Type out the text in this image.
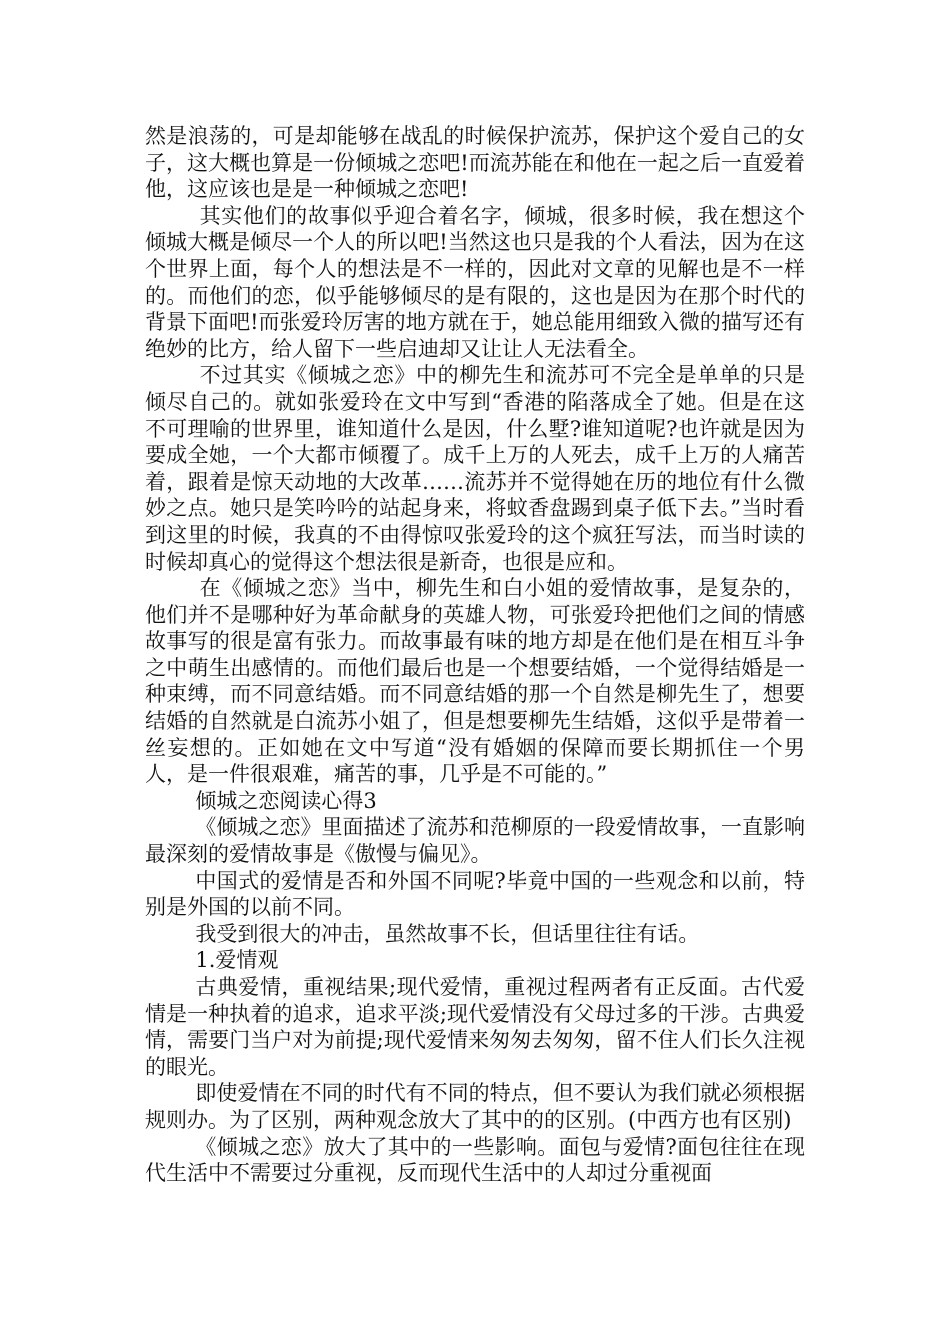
然是浪荡的，可是却能够在战乱的时候保护流苏，保护这个爱自己的女子，这大概也算是一份倾城之恋吧!而流苏能在和他在一起之后一直爱着他，这应该也是是一种倾城之恋吧!

其实他们的故事似乎迎合着名字，倾城，很多时候，我在想这个倾城大概是倾尽一个人的所以吧!当然这也只是我的个人看法，因为在这个世界上面，每个人的想法是不一样的，因此对文章的见解也是不一样的。而他们的恋，似乎能够倾尽的是有限的，这也是因为在那个时代的背景下面吧!而张爱玲厉害的地方就在于，她总能用细致入微的描写还有绝妙的比方，给人留下一些启迪却又让让人无法看全。

不过其实《倾城之恋》中的柳先生和流苏可不完全是单单的只是倾尽自己的。就如张爱玲在文中写到“香港的陷落成全了她。但是在这不可理喻的世界里，谁知道什么是因，什么墅?谁知道呢?也许就是因为要成全她，一个大都市倾覆了。成千上万的人死去，成千上万的人痛苦着，跟着是惊天动地的大改革……流苏并不觉得她在历的地位有什么微妙之点。她只是笑吟吟的站起身来，将蚊香盘踢到桌子低下去。”当时看到这里的时候，我真的不由得惊叹张爱玲的这个疯狂写法，而当时读的时候却真心的觉得这个想法很是新奇，也很是应和。

在《倾城之恋》当中，柳先生和白小姐的爱情故事，是复杂的，他们并不是哪种好为革命献身的英雄人物，可张爱玲把他们之间的情感故事写的很是富有张力。而故事最有味的地方却是在他们是在相互斗争之中萌生出感情的。而他们最后也是一个想要结婚，一个觉得结婚是一种束缚，而不同意结婚。而不同意结婚的那一个自然是柳先生了，想要结婚的自然就是白流苏小姐了，但是想要柳先生结婚，这似乎是带着一丝妄想的。正如她在文中写道“没有婚姻的保障而要长期抓住一个男人，是一件很艰难，痛苦的事，几乎是不可能的。”

倾城之恋阅读心得3

《倾城之恋》里面描述了流苏和范柳原的一段爱情故事，一直影响最深刻的爱情故事是《傲慢与偏见》。

中国式的爱情是否和外国不同呢?毕竟中国的一些观念和以前，特别是外国的以前不同。

我受到很大的冲击，虽然故事不长，但话里往往有话。

1.爱情观

古典爱情，重视结果;现代爱情，重视过程两者有正反面。古代爱情是一种执着的追求，追求平淡;现代爱情没有父母过多的干涉。古典爱情，需要门当户对为前提;现代爱情来匆匆去匆匆，留不住人们长久注视的眼光。

即使爱情在不同的时代有不同的特点，但不要认为我们就必须根据规则办。为了区别，两种观念放大了其中的的区别。(中西方也有区别)

《倾城之恋》放大了其中的一些影响。面包与爱情?面包往往在现代生活中不需要过分重视，反而现代生活中的人却过分重视面
